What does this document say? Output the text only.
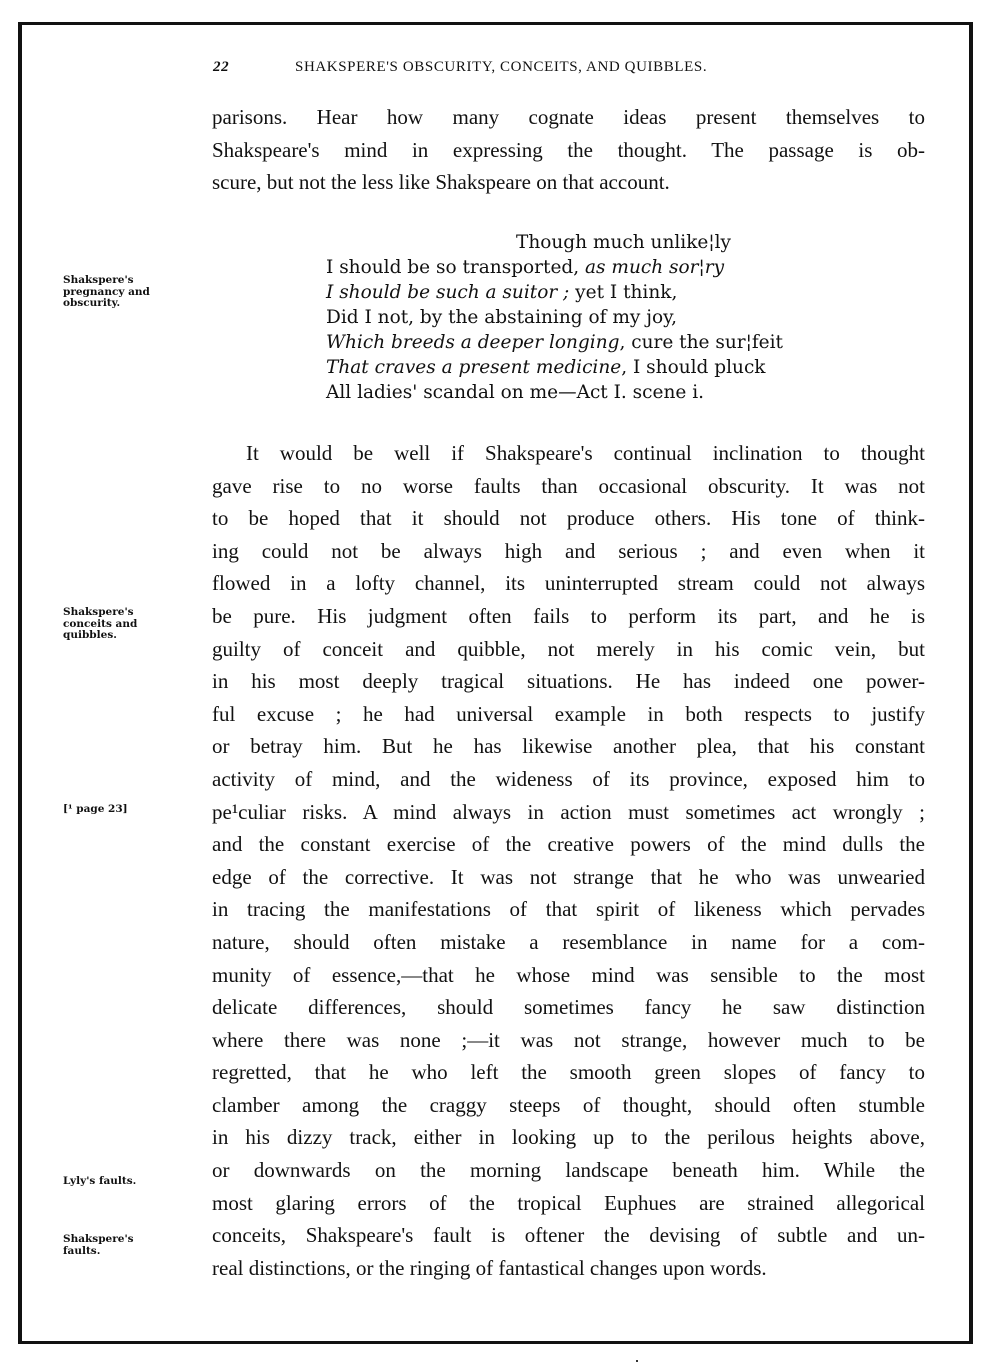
22	SHAKSPERE'S OBSCURITY, CONCEITS, AND QUIBBLES.
parisons. Hear how many cognate ideas present themselves to
Shakspeare's mind in expressing the thought. The passage is ob-
scure, but not the less like Shakspeare on that account.
Though much unlike¦ly
I should be so transported, as much sor¦ry
I should be such a suitor ; yet I think,
Did I not, by the abstaining of my joy,
Which breeds a deeper longing, cure the sur¦feit
That craves a present medicine, I should pluck
All ladies' scandal on me—Act I. scene i.
It would be well if Shakspeare's continual inclination to thought
gave rise to no worse faults than occasional obscurity. It was not
to be hoped that it should not produce others. His tone of think-
ing could not be always high and serious ; and even when it
flowed in a lofty channel, its uninterrupted stream could not always
be pure. His judgment often fails to perform its part, and he is
guilty of conceit and quibble, not merely in his comic vein, but
in his most deeply tragical situations. He has indeed one power-
ful excuse ; he had universal example in both respects to justify
or betray him. But he has likewise another plea, that his constant
activity of mind, and the wideness of its province, exposed him to
pe¹culiar risks. A mind always in action must sometimes act wrongly ;
and the constant exercise of the creative powers of the mind dulls the
edge of the corrective. It was not strange that he who was unwearied
in tracing the manifestations of that spirit of likeness which pervades
nature, should often mistake a resemblance in name for a com-
munity of essence,—that he whose mind was sensible to the most
delicate differences, should sometimes fancy he saw distinction
where there was none ;—it was not strange, however much to be
regretted, that he who left the smooth green slopes of fancy to
clamber among the craggy steeps of thought, should often stumble
in his dizzy track, either in looking up to the perilous heights above,
or downwards on the morning landscape beneath him. While the
most glaring errors of the tropical Euphues are strained allegorical
conceits, Shakspeare's fault is oftener the devising of subtle and un-
real distinctions, or the ringing of fantastical changes upon words.
Shakspere's
pregnancy and
obscurity.
Shakspere's
conceits and
quibbles.
[¹ page 23]
Lyly's faults.
Shakspere's
faults.
